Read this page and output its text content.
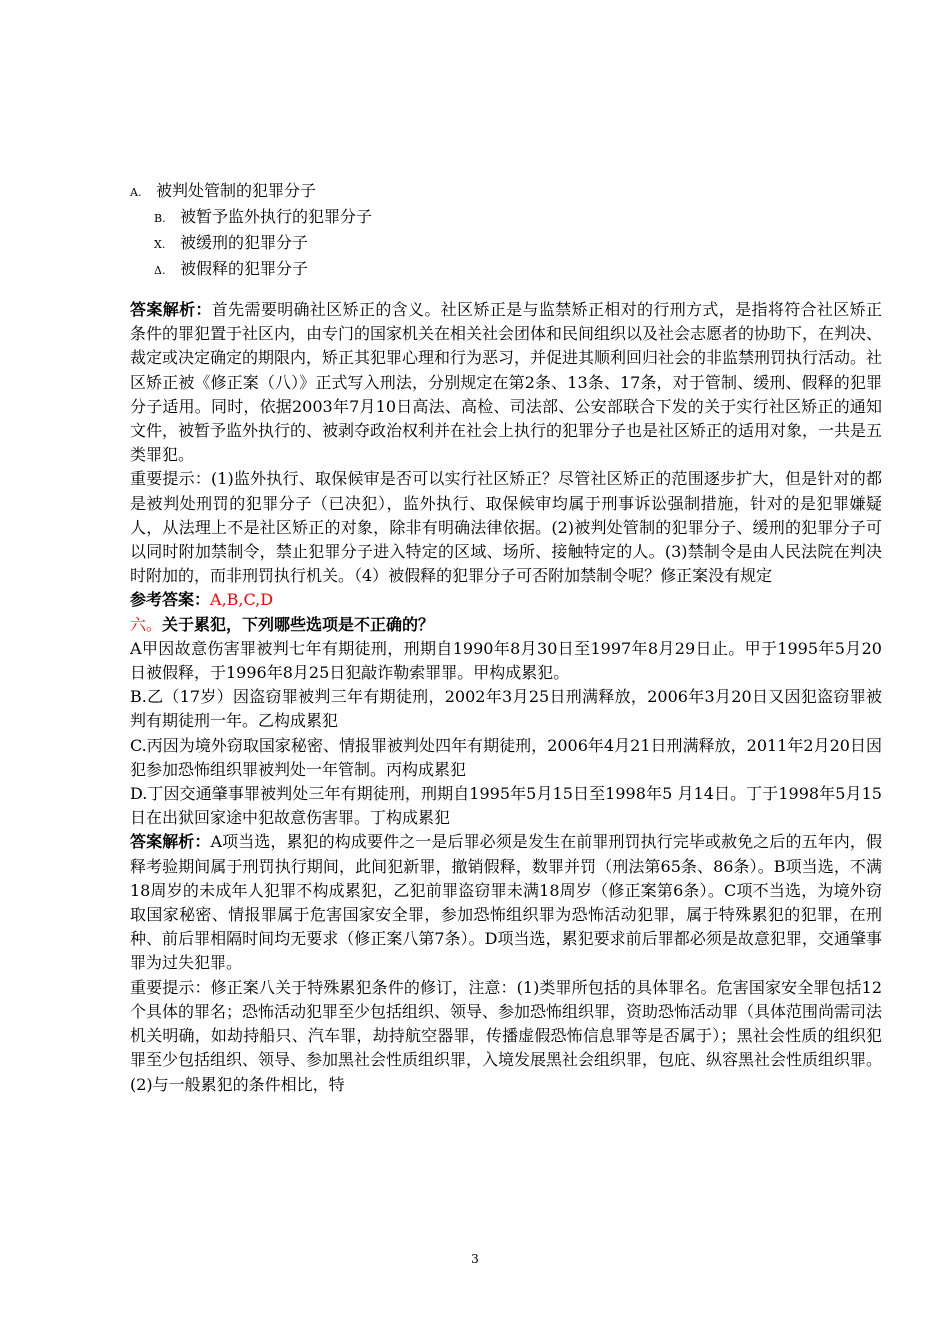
A. 被判处管制的犯罪分子
B. 被暂予监外执行的犯罪分子
X. 被缓刑的犯罪分子
Δ. 被假释的犯罪分子

答案解析：首先需要明确社区矫正的含义。社区矫正是与监禁矫正相对的行刑方式，是指将符合社区矫正条件的罪犯置于社区内，由专门的国家机关在相关社会团体和民间组织以及社会志愿者的协助下，在判决、裁定或决定确定的期限内，矫正其犯罪心理和行为恶习，并促进其顺利回归社会的非监禁刑罚执行活动。社区矫正被《修正案（八）》正式写入刑法，分别规定在第2条、13条、17条，对于管制、缓刑、假释的犯罪分子适用。同时，依据2003年7月10日高法、高检、司法部、公安部联合下发的关于实行社区矫正的通知文件，被暂予监外执行的、被剥夺政治权利并在社会上执行的犯罪分子也是社区矫正的适用对象，一共是五类罪犯。

重要提示：(1)监外执行、取保候审是否可以实行社区矫正？尽管社区矫正的范围逐步扩大，但是针对的都是被判处刑罚的犯罪分子（已决犯），监外执行、取保候审均属于刑事诉讼强制措施，针对的是犯罪嫌疑人，从法理上不是社区矫正的对象，除非有明确法律依据。(2)被判处管制的犯罪分子、缓刑的犯罪分子可以同时附加禁制令，禁止犯罪分子进入特定的区域、场所、接触特定的人。(3)禁制令是由人民法院在判决时附加的，而非刑罚执行机关。（4）被假释的犯罪分子可否附加禁制令呢？修正案没有规定

参考答案：A,B,C,D

六。关于累犯，下列哪些选项是不正确的？

A甲因故意伤害罪被判七年有期徒刑，刑期自1990年8月30日至1997年8月29日止。甲于1995年5月20日被假释，于1996年8月25日犯敲诈勒索罪罪。甲构成累犯。

B.乙（17岁）因盗窃罪被判三年有期徒刑，2002年3月25日刑满释放，2006年3月20日又因犯盗窃罪被判有期徒刑一年。乙构成累犯

C.丙因为境外窃取国家秘密、情报罪被判处四年有期徒刑，2006年4月21日刑满释放，2011年2月20日因犯参加恐怖组织罪被判处一年管制。丙构成累犯

D.丁因交通肇事罪被判处三年有期徒刑，刑期自1995年5月15日至1998年5 月14日。丁于1998年5月15日在出狱回家途中犯故意伤害罪。丁构成累犯

答案解析：A项当选，累犯的构成要件之一是后罪必须是发生在前罪刑罚执行完毕或赦免之后的五年内，假释考验期间属于刑罚执行期间，此间犯新罪，撤销假释，数罪并罚（刑法第65条、86条）。B项当选，不满18周岁的未成年人犯罪不构成累犯，乙犯前罪盗窃罪未满18周岁（修正案第6条）。C项不当选，为境外窃取国家秘密、情报罪属于危害国家安全罪，参加恐怖组织罪为恐怖活动犯罪，属于特殊累犯的犯罪，在刑种、前后罪相隔时间均无要求（修正案八第7条）。D项当选，累犯要求前后罪都必须是故意犯罪，交通肇事罪为过失犯罪。

重要提示：修正案八关于特殊累犯条件的修订，注意：(1)类罪所包括的具体罪名。危害国家安全罪包括12个具体的罪名；恐怖活动犯罪至少包括组织、领导、参加恐怖组织罪，资助恐怖活动罪（具体范围尚需司法机关明确，如劫持船只、汽车罪，劫持航空器罪，传播虚假恐怖信息罪等是否属于）；黑社会性质的组织犯罪至少包括组织、领导、参加黑社会性质组织罪，入境发展黑社会组织罪，包庇、纵容黑社会性质组织罪。(2)与一般累犯的条件相比，特

3
